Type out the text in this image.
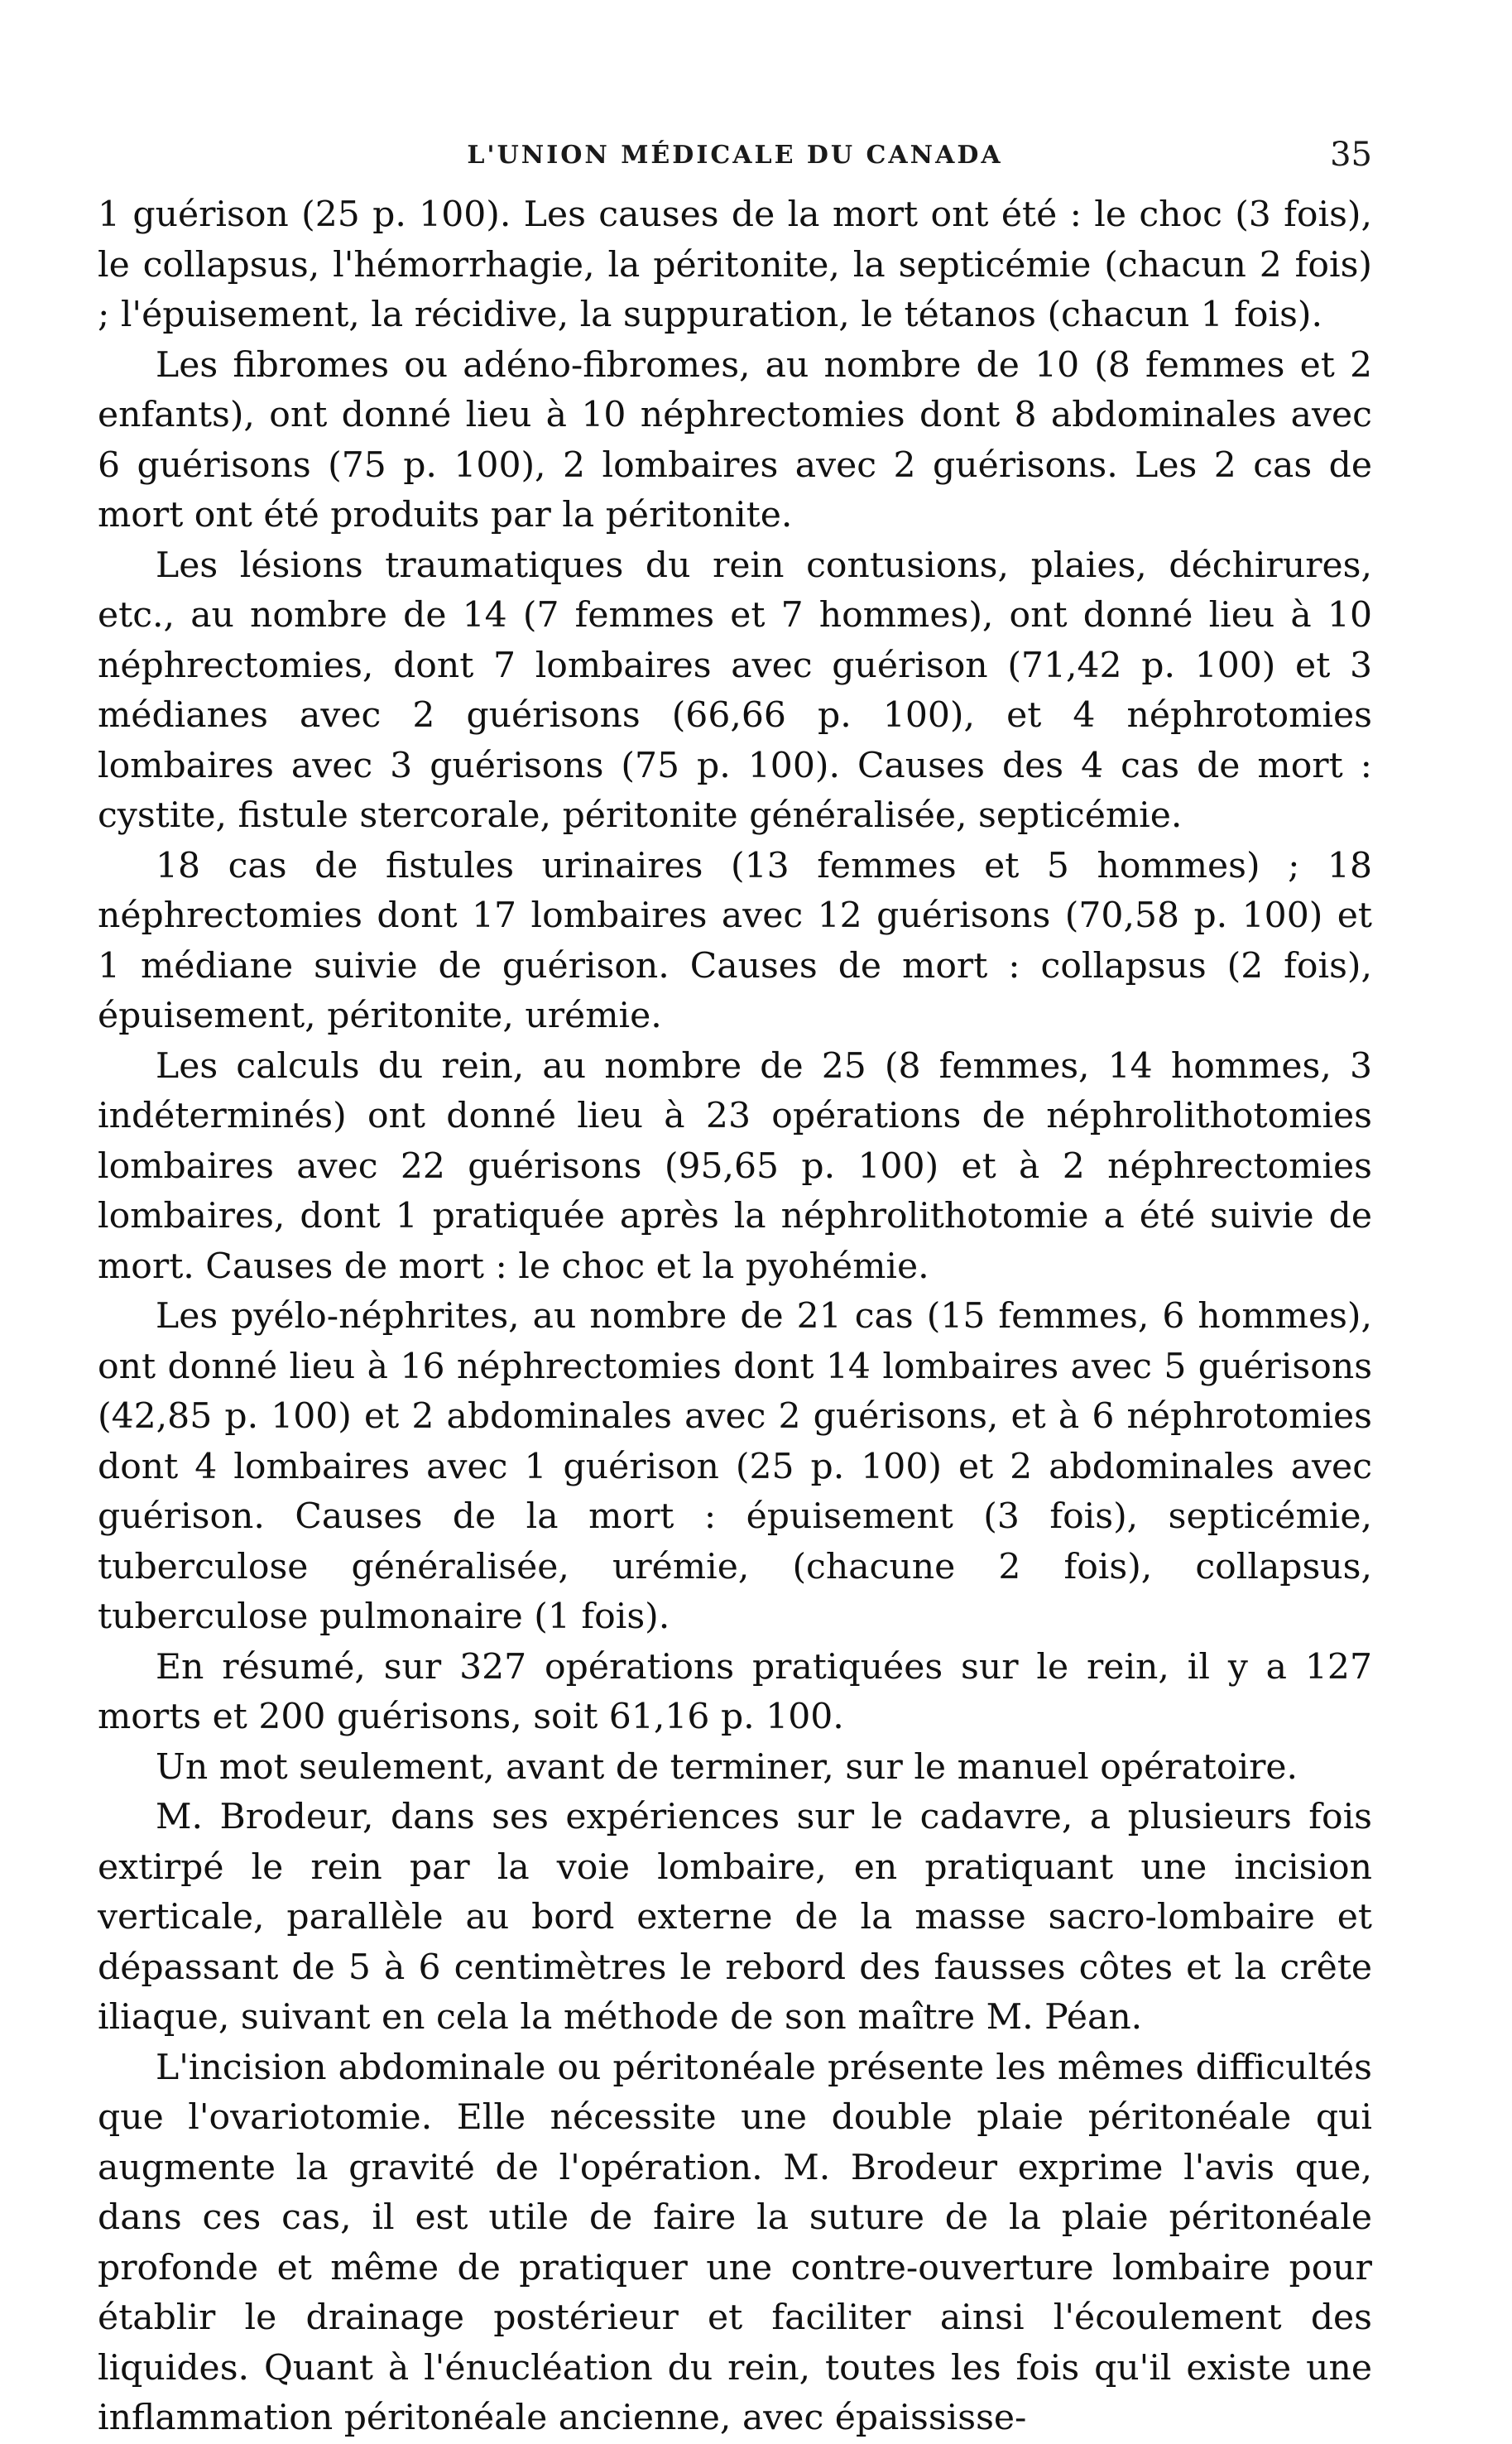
L'UNION MÉDICALE DU CANADA	35

1 guérison (25 p. 100). Les causes de la mort ont été : le choc (3 fois), le collapsus, l'hémorrhagie, la péritonite, la septicémie (chacun 2 fois) ; l'épuisement, la récidive, la suppuration, le tétanos (chacun 1 fois).

Les fibromes ou adéno-fibromes, au nombre de 10 (8 femmes et 2 enfants), ont donné lieu à 10 néphrectomies dont 8 abdominales avec 6 guérisons (75 p. 100), 2 lombaires avec 2 guérisons. Les 2 cas de mort ont été produits par la péritonite.

Les lésions traumatiques du rein contusions, plaies, déchirures, etc., au nombre de 14 (7 femmes et 7 hommes), ont donné lieu à 10 néphrectomies, dont 7 lombaires avec guérison (71,42 p. 100) et 3 médianes avec 2 guérisons (66,66 p. 100), et 4 néphrotomies lombaires avec 3 guérisons (75 p. 100). Causes des 4 cas de mort : cystite, fistule stercorale, péritonite généralisée, septicémie.

18 cas de fistules urinaires (13 femmes et 5 hommes) ; 18 néphrectomies dont 17 lombaires avec 12 guérisons (70,58 p. 100) et 1 médiane suivie de guérison. Causes de mort : collapsus (2 fois), épuisement, péritonite, urémie.

Les calculs du rein, au nombre de 25 (8 femmes, 14 hommes, 3 indéterminés) ont donné lieu à 23 opérations de néphrolithotomies lombaires avec 22 guérisons (95,65 p. 100) et à 2 néphrectomies lombaires, dont 1 pratiquée après la néphrolithotomie a été suivie de mort. Causes de mort : le choc et la pyohémie.

Les pyélo-néphrites, au nombre de 21 cas (15 femmes, 6 hommes), ont donné lieu à 16 néphrectomies dont 14 lombaires avec 5 guérisons (42,85 p. 100) et 2 abdominales avec 2 guérisons, et à 6 néphrotomies dont 4 lombaires avec 1 guérison (25 p. 100) et 2 abdominales avec guérison. Causes de la mort : épuisement (3 fois), septicémie, tuberculose généralisée, urémie, (chacune 2 fois), collapsus, tuberculose pulmonaire (1 fois).

En résumé, sur 327 opérations pratiquées sur le rein, il y a 127 morts et 200 guérisons, soit 61,16 p. 100.

Un mot seulement, avant de terminer, sur le manuel opératoire.

M. Brodeur, dans ses expériences sur le cadavre, a plusieurs fois extirpé le rein par la voie lombaire, en pratiquant une incision verticale, parallèle au bord externe de la masse sacro-lombaire et dépassant de 5 à 6 centimètres le rebord des fausses côtes et la crête iliaque, suivant en cela la méthode de son maître M. Péan.

L'incision abdominale ou péritonéale présente les mêmes difficultés que l'ovariotomie. Elle nécessite une double plaie péritonéale qui augmente la gravité de l'opération. M. Brodeur exprime l'avis que, dans ces cas, il est utile de faire la suture de la plaie péritonéale profonde et même de pratiquer une contre-ouverture lombaire pour établir le drainage postérieur et faciliter ainsi l'écoulement des liquides. Quant à l'énucléation du rein, toutes les fois qu'il existe une inflammation péritonéale ancienne, avec épaississe-
